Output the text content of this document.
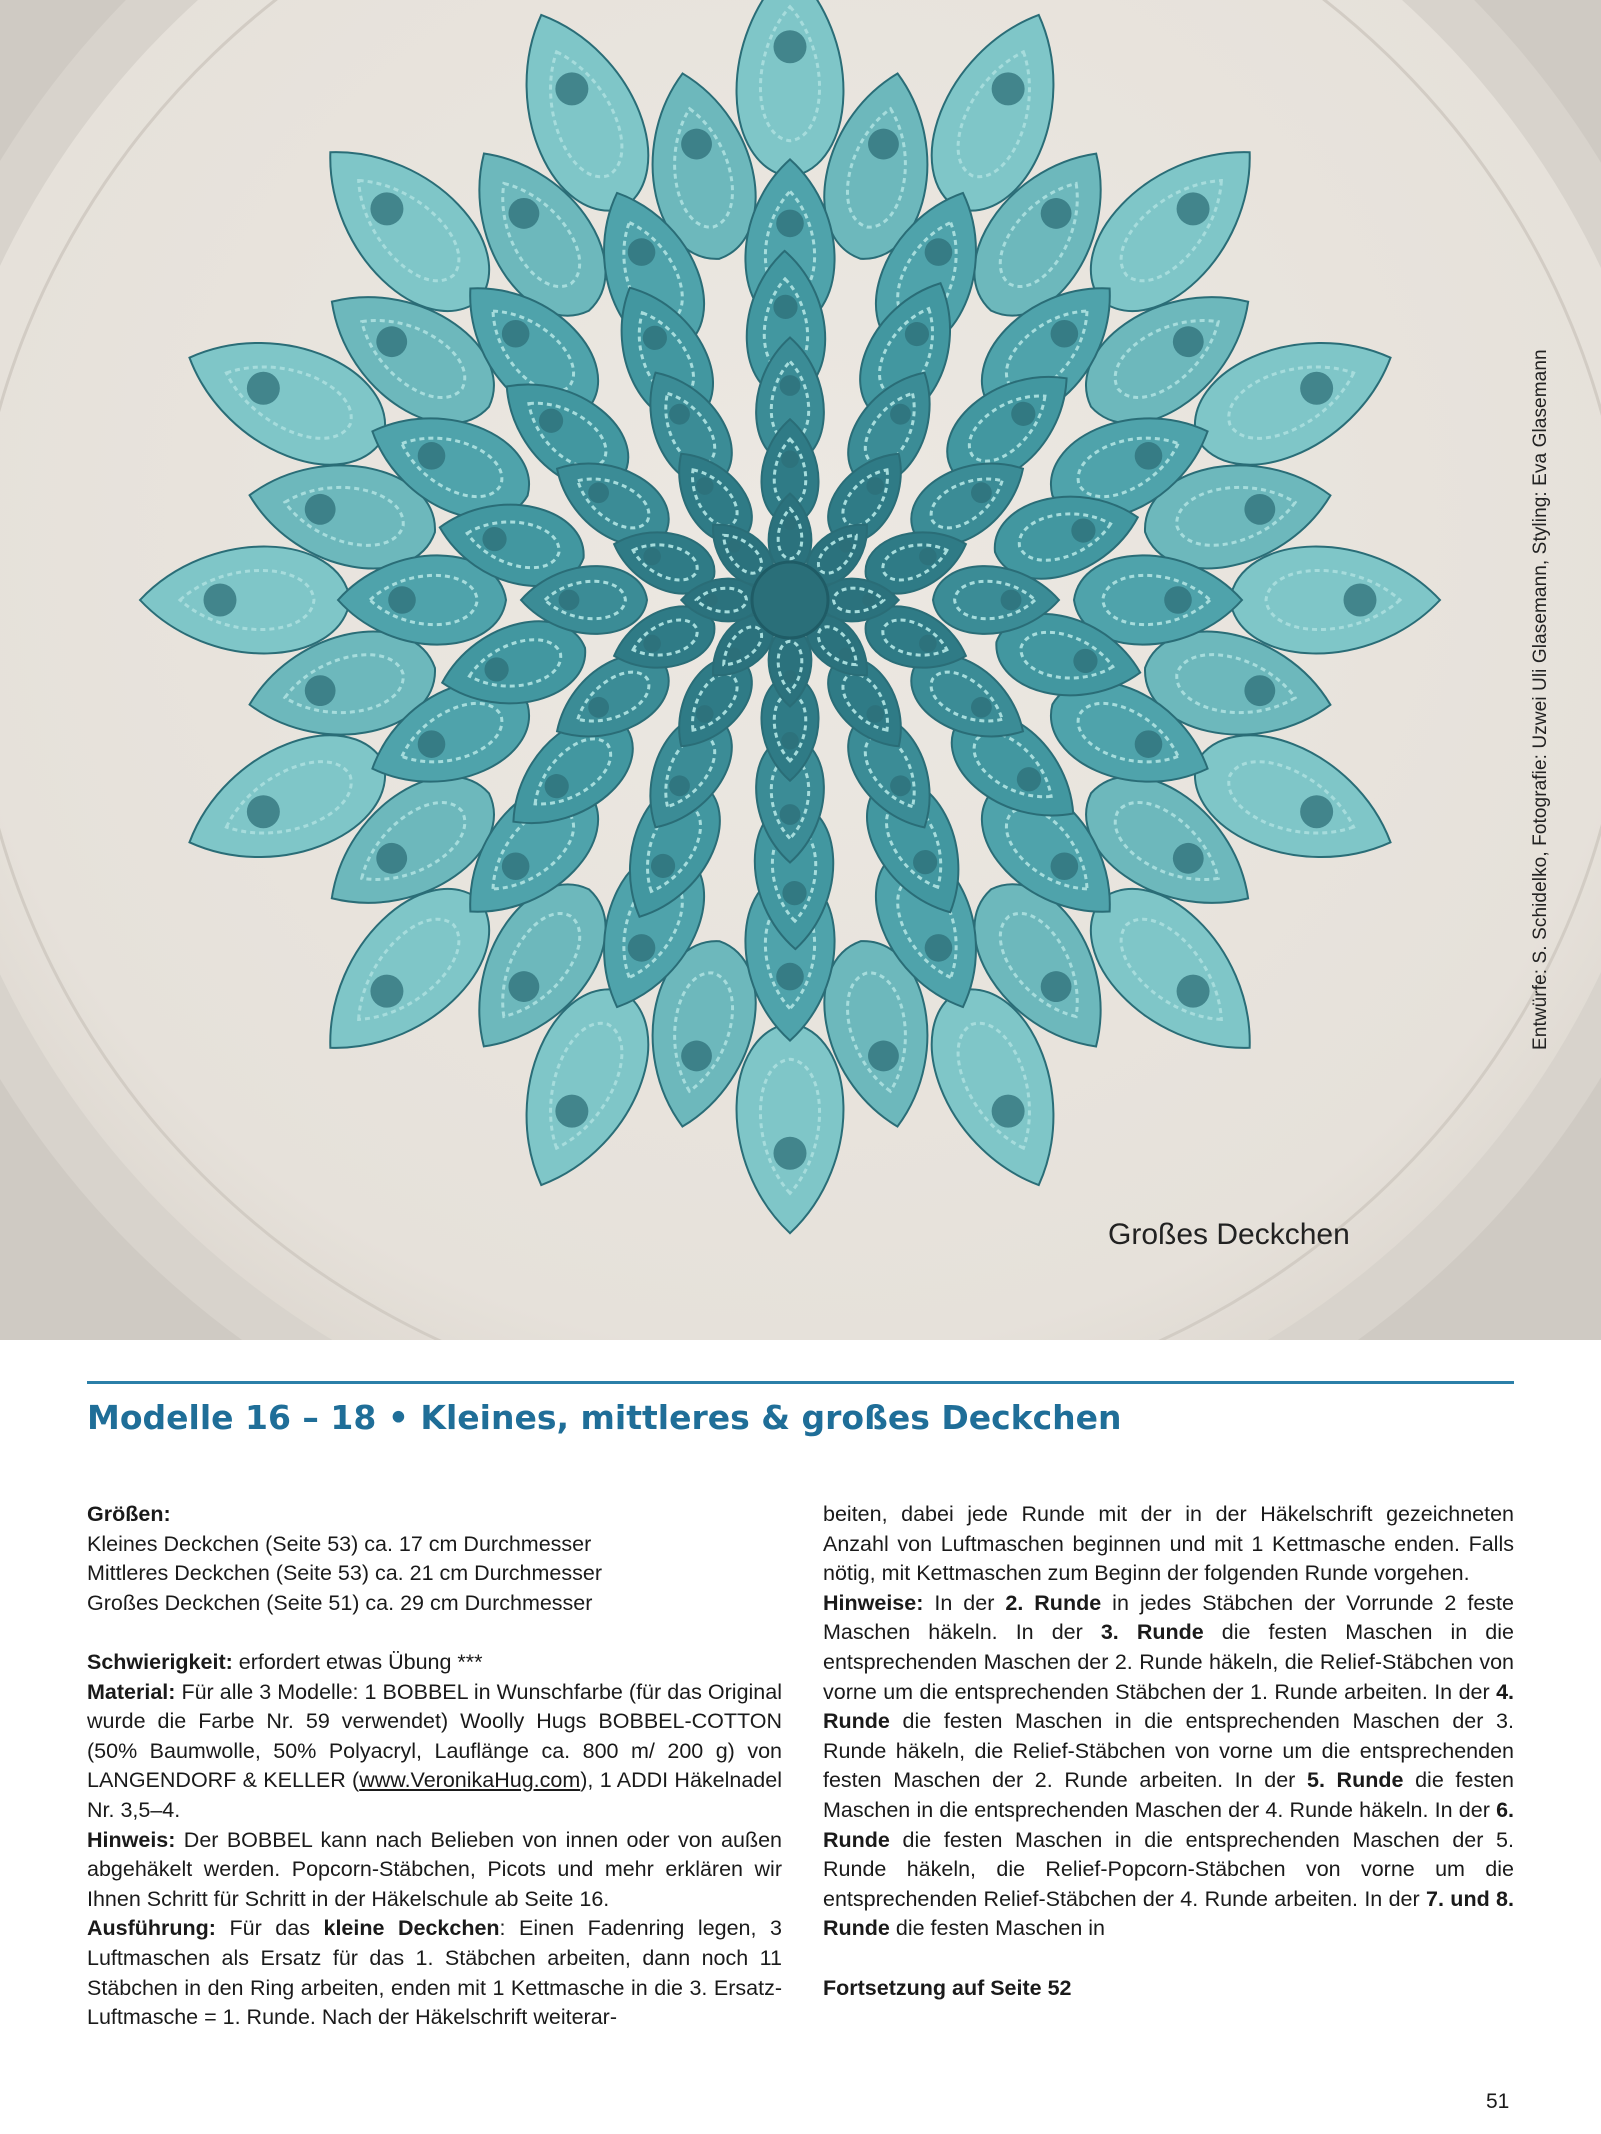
Entwürfe: S. Schidelko, Fotografie: Uzwei Uli Glasemann, Styling: Eva Glasemann
Großes Deckchen
Modelle 16 – 18 • Kleines, mittleres & großes Deckchen

Größen:

Kleines Deckchen (Seite 53) ca. 17 cm Durchmesser

Mittleres Deckchen (Seite 53) ca. 21 cm Durchmesser

Großes Deckchen (Seite 51) ca. 29 cm Durchmesser

Schwierigkeit: erfordert etwas Übung ***

Material: Für alle 3 Modelle: 1 BOBBEL in Wunschfarbe (für das Original wurde die Farbe Nr. 59 verwendet) Woolly Hugs BOBBEL-COTTON (50% Baumwolle, 50% Polyacryl, Lauflänge ca. 800 m/ 200 g) von LANGENDORF & KELLER (www.VeronikaHug.com), 1 ADDI Häkelnadel Nr. 3,5–4.

Hinweis: Der BOBBEL kann nach Belieben von innen oder von außen abgehäkelt werden. Popcorn-Stäbchen, Picots und mehr erklären wir Ihnen Schritt für Schritt in der Häkelschule ab Seite 16.

Ausführung: Für das kleine Deckchen: Einen Fadenring legen, 3 Luftmaschen als Ersatz für das 1. Stäbchen arbeiten, dann noch 11 Stäbchen in den Ring arbeiten, enden mit 1 Kettmasche in die 3. Ersatz-Luftmasche = 1. Runde. Nach der Häkelschrift weiterar-

beiten, dabei jede Runde mit der in der Häkelschrift gezeichneten Anzahl von Luftmaschen beginnen und mit 1 Kettmasche enden. Falls nötig, mit Kettmaschen zum Beginn der folgenden Runde vorgehen.

Hinweise: In der 2. Runde in jedes Stäbchen der Vorrunde 2 feste Maschen häkeln. In der 3. Runde die festen Maschen in die entsprechenden Maschen der 2. Runde häkeln, die Relief-Stäbchen von vorne um die entsprechenden Stäbchen der 1. Runde arbeiten. In der 4. Runde die festen Maschen in die entsprechenden Maschen der 3. Runde häkeln, die Relief-Stäbchen von vorne um die entsprechenden festen Maschen der 2. Runde arbeiten. In der 5. Runde die festen Maschen in die entsprechenden Maschen der 4. Runde häkeln. In der 6. Runde die festen Maschen in die entsprechenden Maschen der 5. Runde häkeln, die Relief-Popcorn-Stäbchen von vorne um die entsprechenden Relief-Stäbchen der 4. Runde arbeiten. In der 7. und 8. Runde die festen Maschen in

Fortsetzung auf Seite 52

51
